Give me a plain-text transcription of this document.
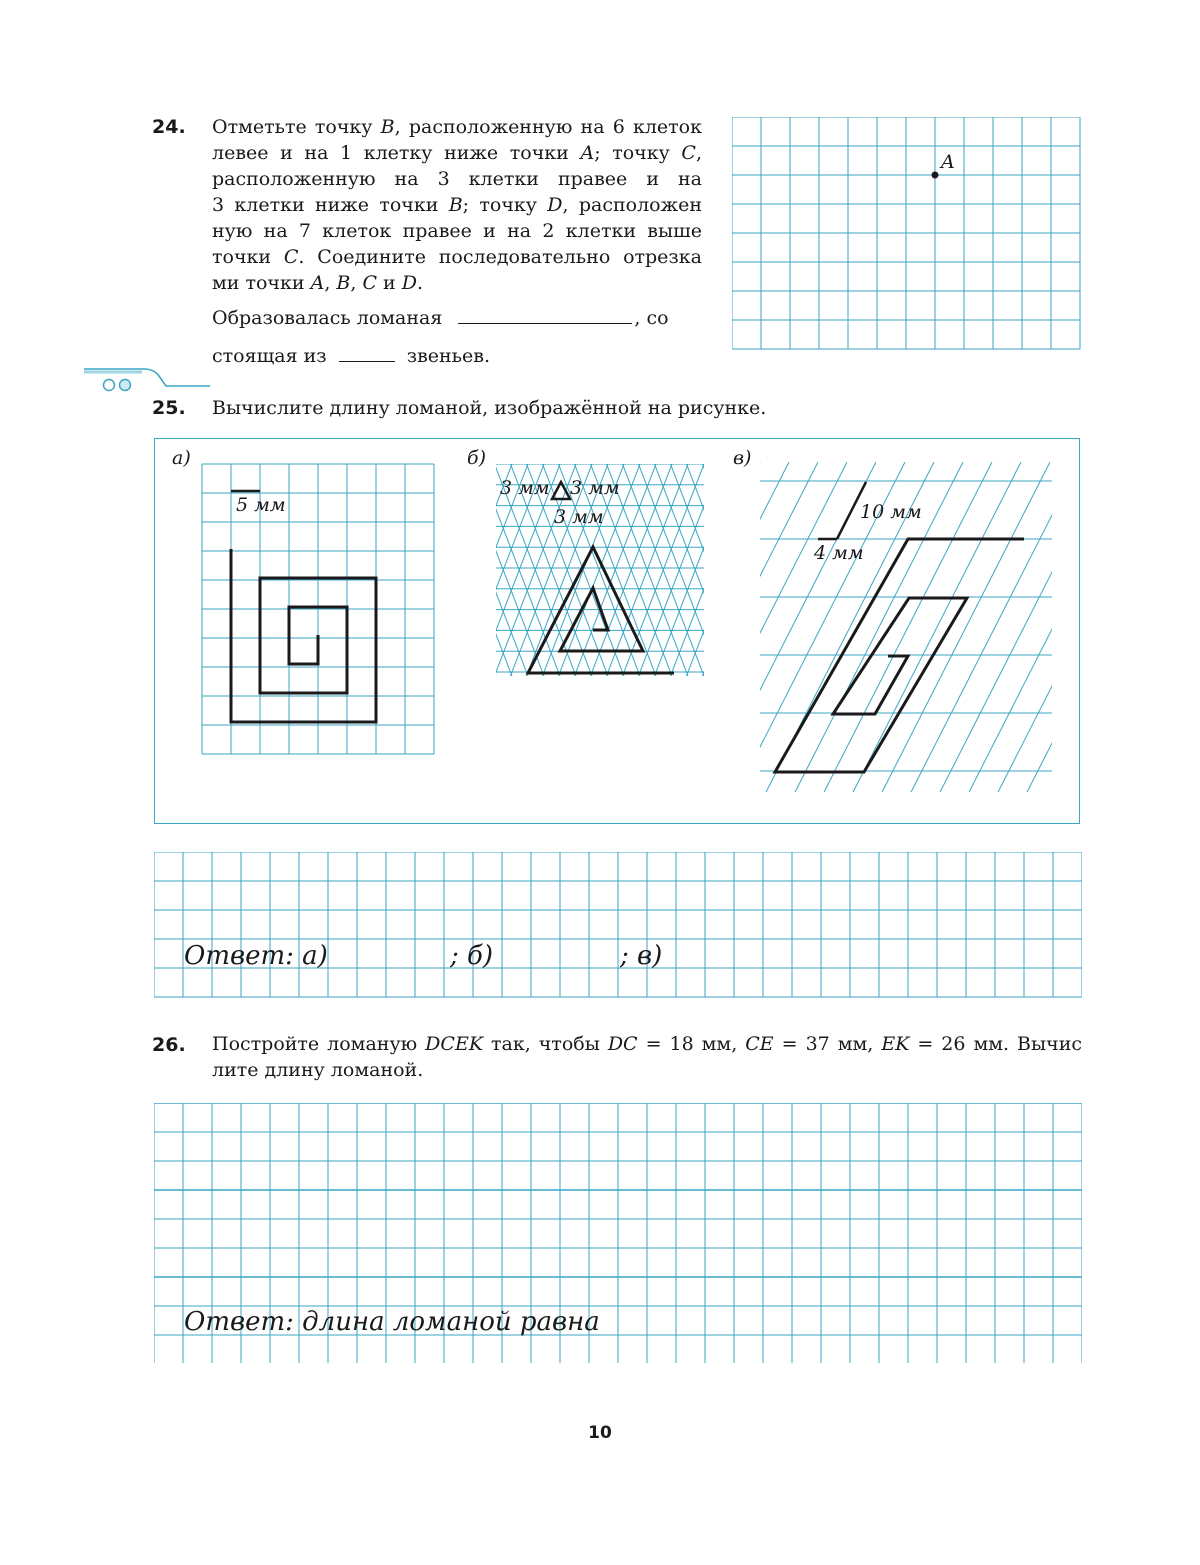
24. Отметьте точку B, расположенную на 6 клеток
левее и на 1 клетку ниже точки A; точку C,
расположенную на 3 клетки правее и на
3 клетки ниже точки B; точку D, расположен
ную на 7 клеток правее и на 2 клетки выше
точки C. Соедините последовательно отрезка
ми точки A, B, C и D.
Образовалась ломаная	, со
стоящая из	звеньев.
A
25. Вычислите длину ломаной, изображённой на рисунке.
а)
5 мм
б)
3 мм 3 мм
3 мм
в)
10 мм
4 мм
Ответ: а)	; б)	; в)
26. Постройте ломаную DCEK так, чтобы DC = 18 мм, CE = 37 мм, EK = 26 мм. Вычис
лите длину ломаной.
Ответ: длина ломаной равна
10
